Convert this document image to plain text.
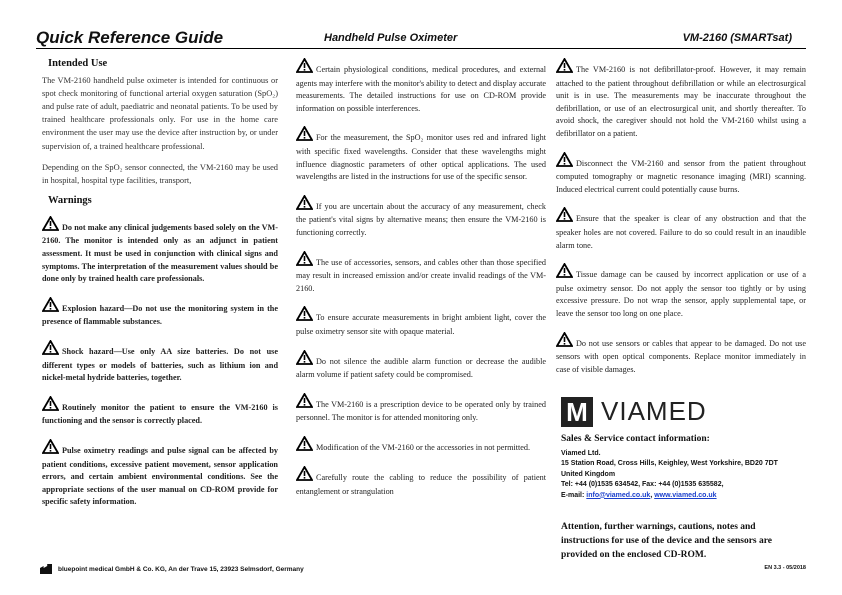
Quick Reference Guide	Handheld Pulse Oximeter	VM-2160 (SMARTsat)
Intended Use

The VM-2160 handheld pulse oximeter is intended for continuous or spot check monitoring of functional arterial oxygen saturation (SpO₂) and pulse rate of adult, paediatric and neonatal patients. To be used by trained healthcare professionals only. For use in the home care environment the user may use the device after instruction by, or under supervision of, a trained healthcare professional.

Depending on the SpO₂ sensor connected, the VM-2160 may be used in hospital, hospital type facilities, transport,

Warnings

Do not make any clinical judgements based solely on the VM-2160. The monitor is intended only as an adjunct in patient assessment. It must be used in conjunction with clinical signs and symptoms. The interpretation of the measurement values should be done only by trained health care professionals.

Explosion hazard—Do not use the monitoring system in the presence of flammable substances.

Shock hazard—Use only AA size batteries. Do not use different types or models of batteries, such as lithium ion and nickel-metal hydride batteries, together.

Routinely monitor the patient to ensure the VM-2160 is functioning and the sensor is correctly placed.

Pulse oximetry readings and pulse signal can be affected by patient conditions, excessive patient movement, sensor application errors, and certain ambient environmental conditions. See the appropriate sections of the user manual on CD-ROM provide for specific safety information.

Certain physiological conditions, medical procedures, and external agents may interfere with the monitor's ability to detect and display accurate measurements. The detailed instructions for use on CD-ROM provide information on possible interferences.

For the measurement, the SpO₂ monitor uses red and infrared light with specific fixed wavelengths. Consider that these wavelengths might influence diagnostic parameters of other optical applications. The used wavelengths are listed in the instructions for use of the specific sensor.

If you are uncertain about the accuracy of any measurement, check the patient's vital signs by alternative means; then ensure the VM-2160 is functioning correctly.

The use of accessories, sensors, and cables other than those specified may result in increased emission and/or create invalid readings of the VM-2160.

To ensure accurate measurements in bright ambient light, cover the pulse oximetry sensor site with opaque material.

Do not silence the audible alarm function or decrease the audible alarm volume if patient safety could be compromised.

The VM-2160 is a prescription device to be operated only by trained personnel. The monitor is for attended monitoring only.

Modification of the VM-2160 or the accessories in not permitted.

Carefully route the cabling to reduce the possibility of patient entanglement or strangulation

The VM-2160 is not defibrillator-proof. However, it may remain attached to the patient throughout defibrillation or while an electrosurgical unit is in use. The measurements may be inaccurate throughout the defibrillation, or use of an electrosurgical unit, and shortly thereafter. To avoid shock, the caregiver should not hold the VM-2160 whilst using a defibrillator on a patient.

Disconnect the VM-2160 and sensor from the patient throughout computed tomography or magnetic resonance imaging (MRI) scanning. Induced electrical current could potentially cause burns.

Ensure that the speaker is clear of any obstruction and that the speaker holes are not covered. Failure to do so could result in an inaudible alarm tone.

Tissue damage can be caused by incorrect application or use of a pulse oximetry sensor. Do not apply the sensor too tightly or by using excessive pressure. Do not wrap the sensor, apply supplemental tape, or leave the sensor too long on one place.

Do not use sensors or cables that appear to be damaged. Do not use sensors with open optical components. Replace monitor immediately in case of visible damages.

M VIAMED
Sales & Service contact information:
Viamed Ltd.
15 Station Road, Cross Hills, Keighley, West Yorkshire, BD20 7DT
United Kingdom
Tel: +44 (0)1535 634542, Fax: +44 (0)1535 635582,
E-mail: info@viamed.co.uk, www.viamed.co.uk
Attention, further warnings, cautions, notes and instructions for use of the device and the sensors are provided on the enclosed CD-ROM.
EN 3.3 - 05/2018
bluepoint medical GmbH & Co. KG, An der Trave 15, 23923 Selmsdorf, Germany
